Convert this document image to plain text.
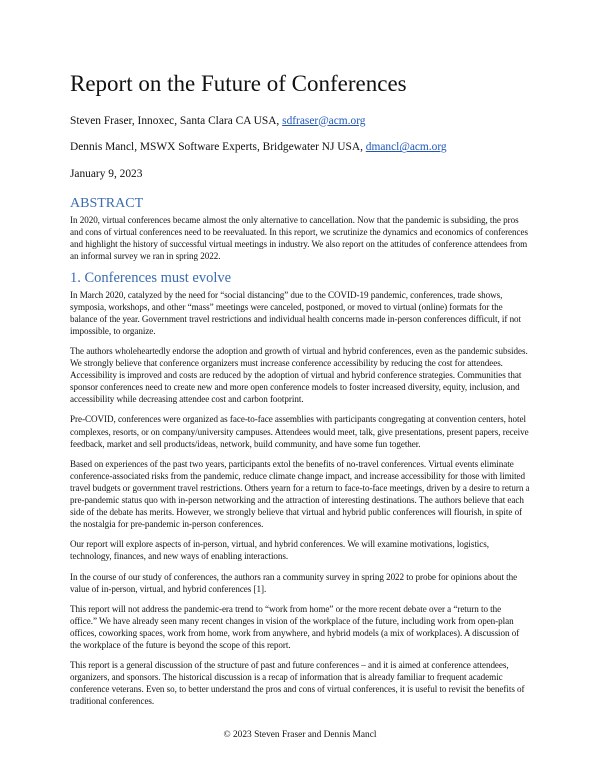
Report on the Future of Conferences
Steven Fraser, Innoxec, Santa Clara CA USA, sdfraser@acm.org
Dennis Mancl, MSWX Software Experts, Bridgewater NJ USA, dmancl@acm.org
January 9, 2023
ABSTRACT

In 2020, virtual conferences became almost the only alternative to cancellation. Now that the pandemic is subsiding, the pros and cons of virtual conferences need to be reevaluated. In this report, we scrutinize the dynamics and economics of conferences and highlight the history of successful virtual meetings in industry. We also report on the attitudes of conference attendees from an informal survey we ran in spring 2022.

1. Conferences must evolve

In March 2020, catalyzed by the need for “social distancing” due to the COVID-19 pandemic, conferences, trade shows, symposia, workshops, and other “mass” meetings were canceled, postponed, or moved to virtual (online) formats for the balance of the year. Government travel restrictions and individual health concerns made in-person conferences difficult, if not impossible, to organize.

The authors wholeheartedly endorse the adoption and growth of virtual and hybrid conferences, even as the pandemic subsides. We strongly believe that conference organizers must increase conference accessibility by reducing the cost for attendees. Accessibility is improved and costs are reduced by the adoption of virtual and hybrid conference strategies. Communities that sponsor conferences need to create new and more open conference models to foster increased diversity, equity, inclusion, and accessibility while decreasing attendee cost and carbon footprint.

Pre-COVID, conferences were organized as face-to-face assemblies with participants congregating at convention centers, hotel complexes, resorts, or on company/university campuses. Attendees would meet, talk, give presentations, present papers, receive feedback, market and sell products/ideas, network, build community, and have some fun together.

Based on experiences of the past two years, participants extol the benefits of no-travel conferences. Virtual events eliminate conference-associated risks from the pandemic, reduce climate change impact, and increase accessibility for those with limited travel budgets or government travel restrictions. Others yearn for a return to face-to-face meetings, driven by a desire to return a pre-pandemic status quo with in-person networking and the attraction of interesting destinations. The authors believe that each side of the debate has merits. However, we strongly believe that virtual and hybrid public conferences will flourish, in spite of the nostalgia for pre-pandemic in-person conferences.

Our report will explore aspects of in-person, virtual, and hybrid conferences. We will examine motivations, logistics, technology, finances, and new ways of enabling interactions.

In the course of our study of conferences, the authors ran a community survey in spring 2022 to probe for opinions about the value of in-person, virtual, and hybrid conferences [1].

This report will not address the pandemic-era trend to “work from home” or the more recent debate over a “return to the office.” We have already seen many recent changes in vision of the workplace of the future, including work from open-plan offices, coworking spaces, work from home, work from anywhere, and hybrid models (a mix of workplaces). A discussion of the workplace of the future is beyond the scope of this report.

This report is a general discussion of the structure of past and future conferences – and it is aimed at conference attendees, organizers, and sponsors. The historical discussion is a recap of information that is already familiar to frequent academic conference veterans. Even so, to better understand the pros and cons of virtual conferences, it is useful to revisit the benefits of traditional conferences.

© 2023 Steven Fraser and Dennis Mancl
